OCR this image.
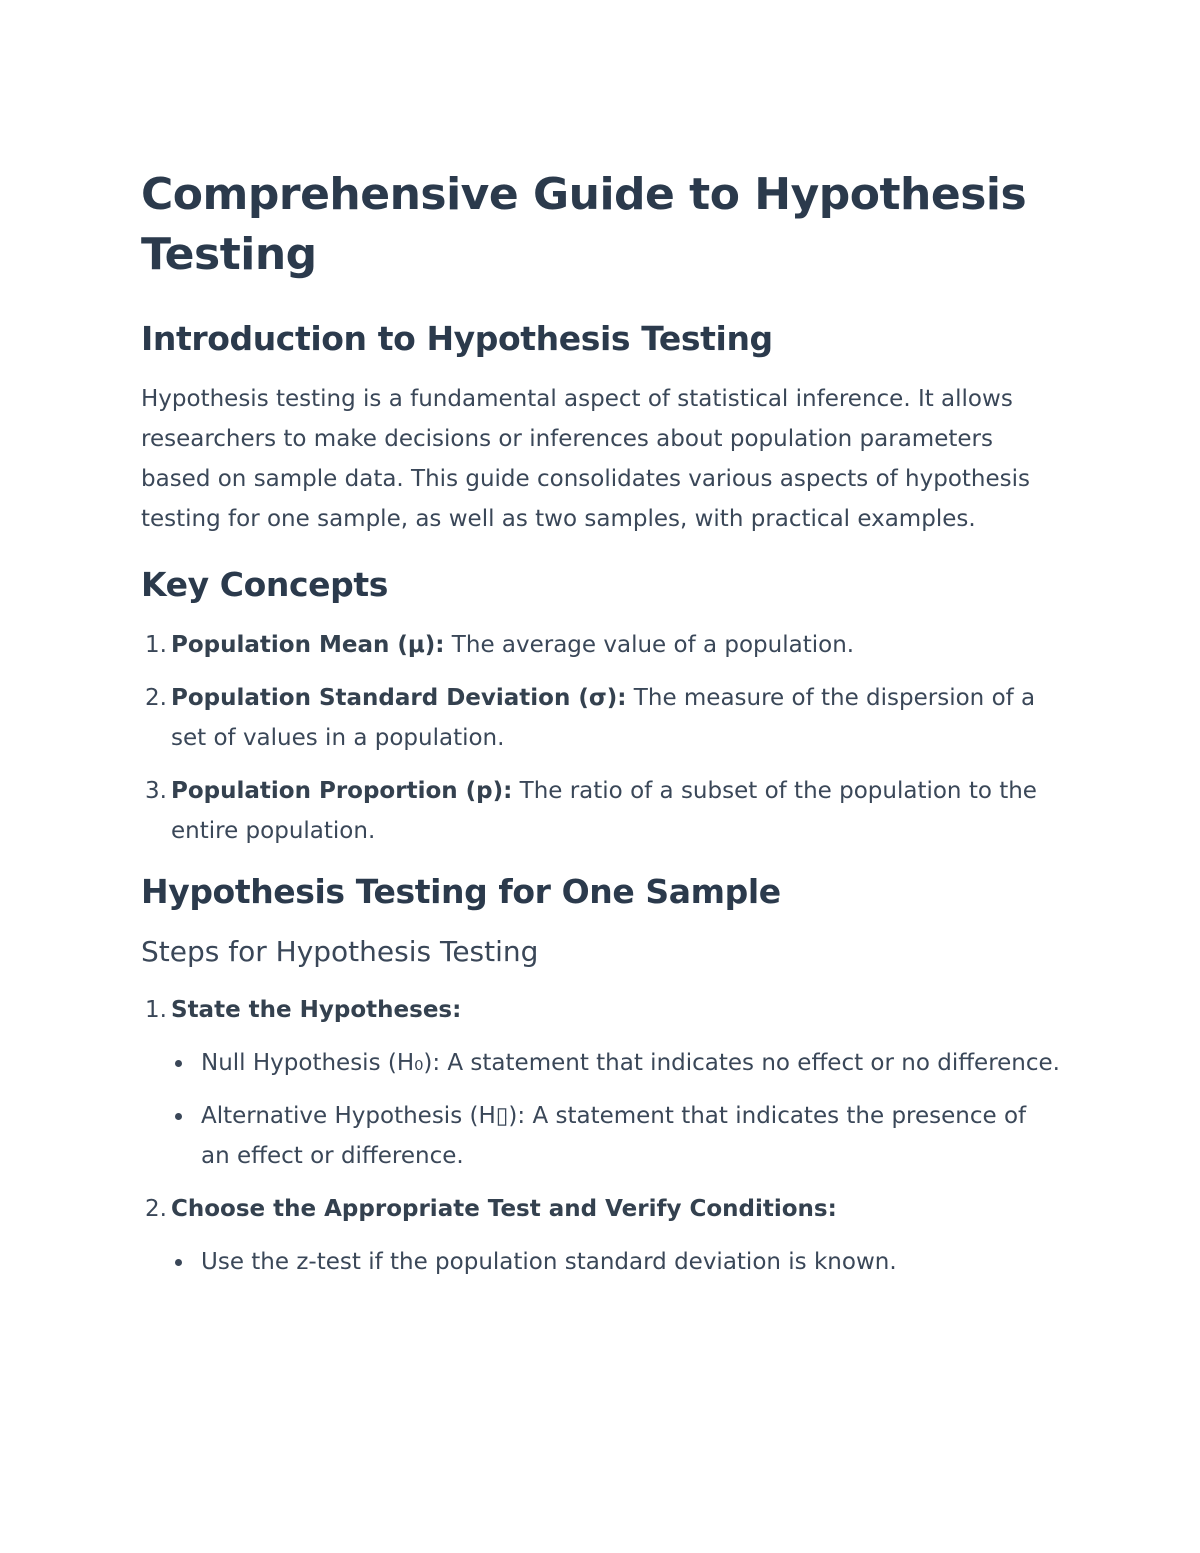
Comprehensive Guide to Hypothesis Testing
Introduction to Hypothesis Testing

Hypothesis testing is a fundamental aspect of statistical inference. It allows researchers to make decisions or inferences about population parameters based on sample data. This guide consolidates various aspects of hypothesis testing for one sample, as well as two samples, with practical examples.

Key Concepts
1. Population Mean (μ): The average value of a population.
2. Population Standard Deviation (σ): The measure of the dispersion of a set of values in a population.
3. Population Proportion (p): The ratio of a subset of the population to the entire population.
Hypothesis Testing for One Sample
Steps for Hypothesis Testing
1. State the Hypotheses:
Null Hypothesis (H₀): A statement that indicates no effect or no difference.
Alternative Hypothesis (H▯): A statement that indicates the presence of an effect or difference.
2. Choose the Appropriate Test and Verify Conditions:
Use the z-test if the population standard deviation is known.
